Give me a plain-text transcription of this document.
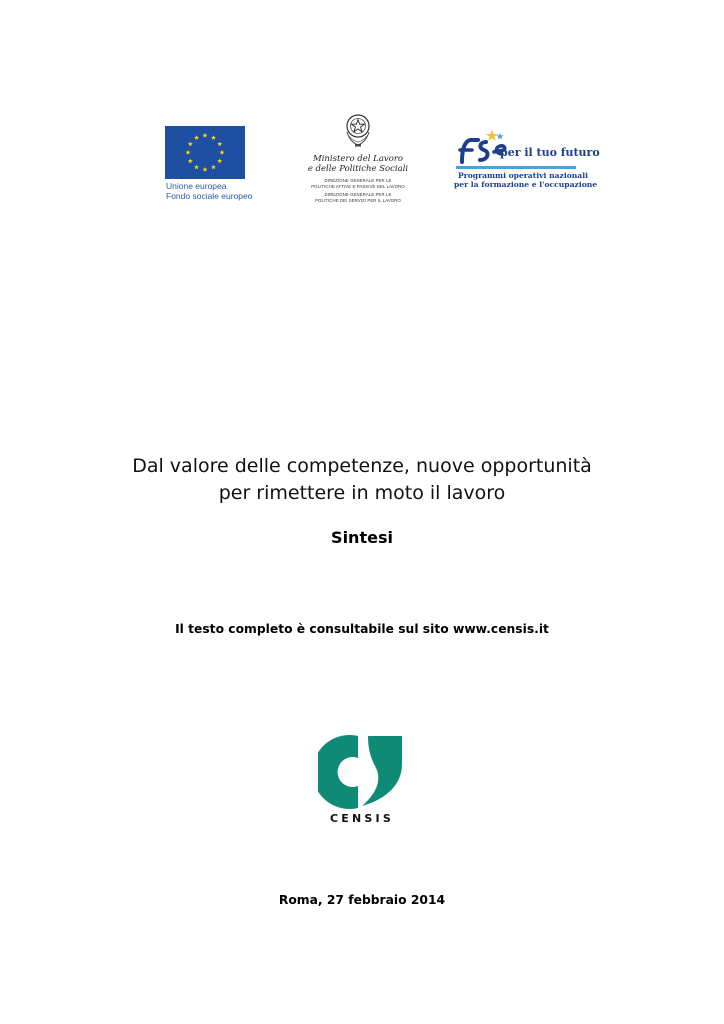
Unione europea
Fondo sociale europeo
Ministero del Lavoro
e delle Politiche Sociali
DIREZIONE GENERALE PER LE
POLITICHE ATTIVE E PASSIVE DEL LAVORO
DIREZIONE GENERALE PER LE
POLITICHE DEI SERVIZI PER IL LAVORO
per il tuo futuro
Programmi operativi nazionali
per la formazione e l'occupazione
Dal valore delle competenze, nuove opportunità
per rimettere in moto il lavoro
Sintesi
Il testo completo è consultabile sul sito www.censis.it
CENSIS
Roma, 27 febbraio 2014
